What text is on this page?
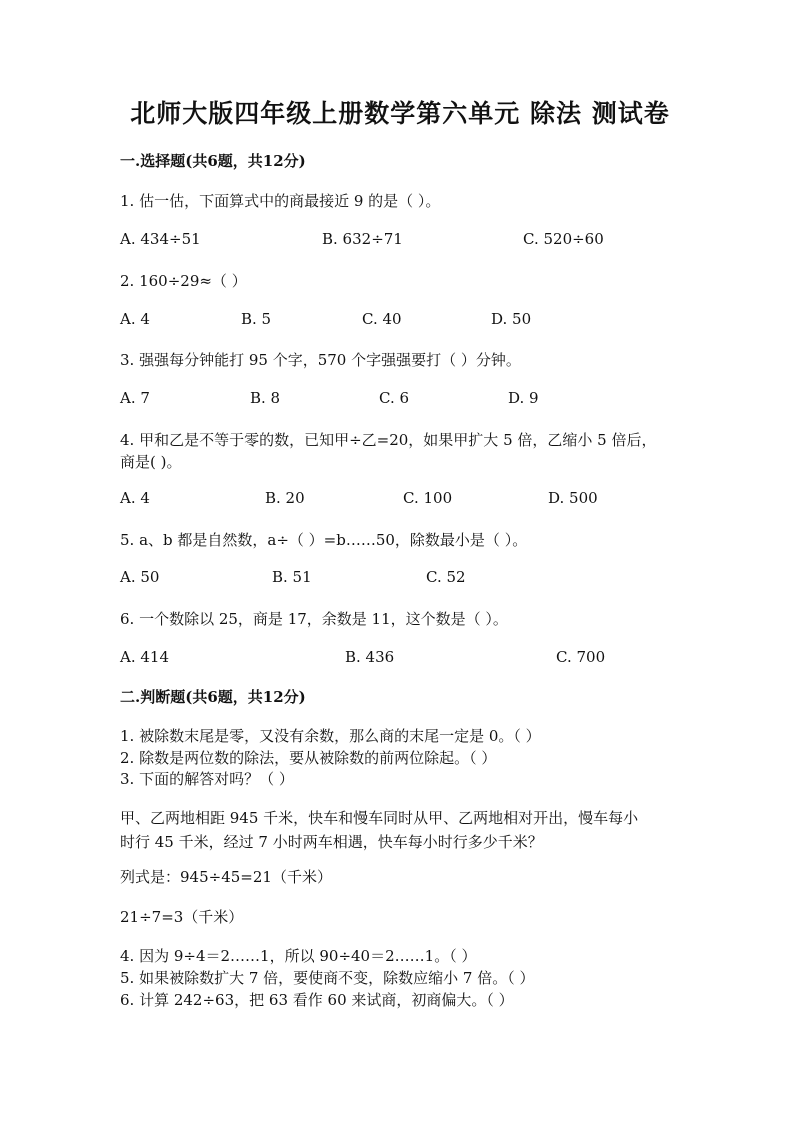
北师大版四年级上册数学第六单元 除法 测试卷
一.选择题(共6题，共12分)
1. 估一估，下面算式中的商最接近 9 的是（ ）。
A. 434÷51	B. 632÷71	C. 520÷60
2. 160÷29≈（ ）
A. 4	B. 5	C. 40	D. 50
3. 强强每分钟能打 95 个字，570 个字强强要打（ ）分钟。
A. 7	B. 8	C. 6	D. 9
4. 甲和乙是不等于零的数，已知甲÷乙=20，如果甲扩大 5 倍，乙缩小 5 倍后，
商是( )。
A. 4	B. 20	C. 100	D. 500
5. a、b 都是自然数，a÷（ ）=b……50，除数最小是（ ）。
A. 50	B. 51	C. 52
6. 一个数除以 25，商是 17，余数是 11，这个数是（ ）。
A. 414	B. 436	C. 700
二.判断题(共6题，共12分)
1. 被除数末尾是零，又没有余数，那么商的末尾一定是 0。（ ）
2. 除数是两位数的除法，要从被除数的前两位除起。（ ）
3. 下面的解答对吗？（ ）
甲、乙两地相距 945 千米，快车和慢车同时从甲、乙两地相对开出，慢车每小
时行 45 千米，经过 7 小时两车相遇，快车每小时行多少千米？
列式是：945÷45=21（千米）
21÷7=3（千米）
4. 因为 9÷4＝2……1，所以 90÷40＝2……1。（ ）
5. 如果被除数扩大 7 倍，要使商不变，除数应缩小 7 倍。（ ）
6. 计算 242÷63，把 63 看作 60 来试商，初商偏大。（ ）
